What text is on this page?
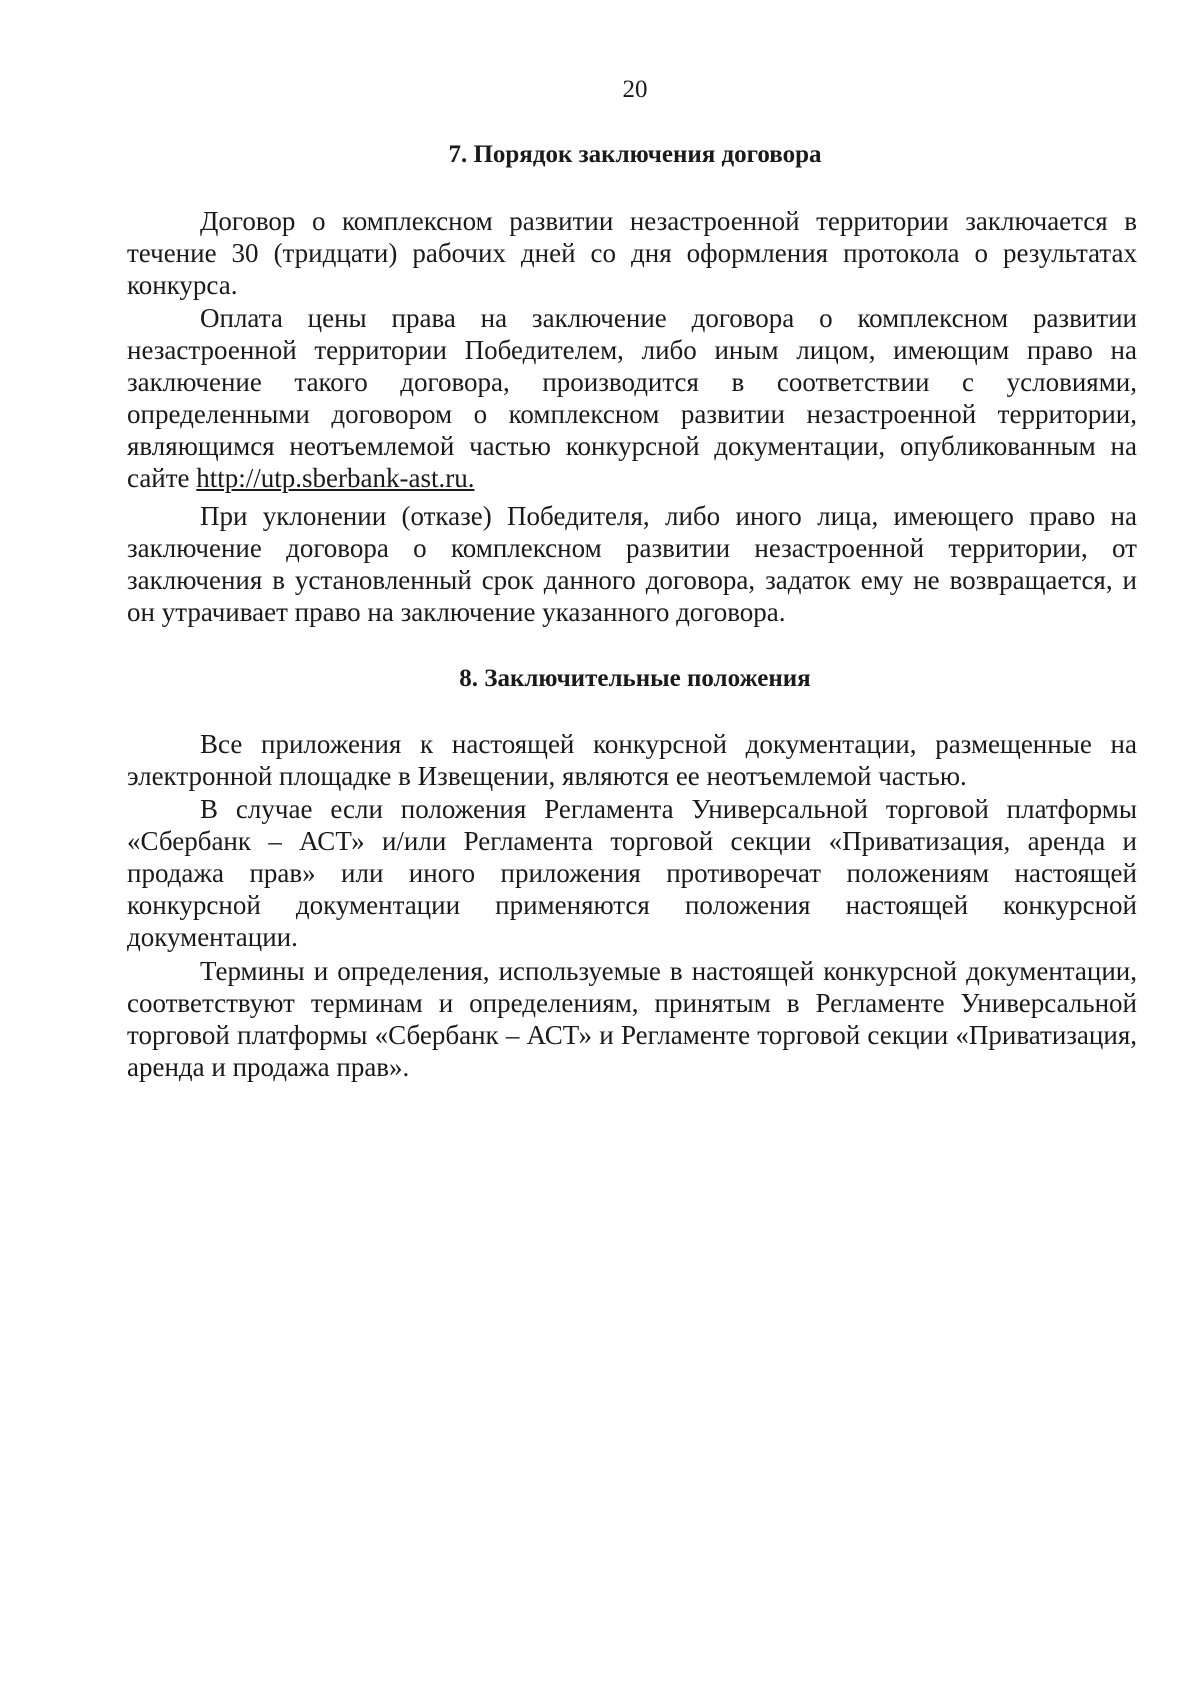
20
7. Порядок заключения договора

Договор о комплексном развитии незастроенной территории заключается в течение 30 (тридцати) рабочих дней со дня оформления протокола о результатах конкурса.

Оплата цены права на заключение договора о комплексном развитии незастроенной территории Победителем, либо иным лицом, имеющим право на заключение такого договора, производится в соответствии с условиями, определенными договором о комплексном развитии незастроенной территории, являющимся неотъемлемой частью конкурсной документации, опубликованным на сайте http://utp.sberbank-ast.ru.

При уклонении (отказе) Победителя, либо иного лица, имеющего право на заключение договора о комплексном развитии незастроенной территории, от заключения в установленный срок данного договора, задаток ему не возвращается, и он утрачивает право на заключение указанного договора.

8. Заключительные положения

Все приложения к настоящей конкурсной документации, размещенные на электронной площадке в Извещении, являются ее неотъемлемой частью.

В случае если положения Регламента Универсальной торговой платформы «Сбербанк – АСТ» и/или Регламента торговой секции «Приватизация, аренда и продажа прав» или иного приложения противоречат положениям настоящей конкурсной документации применяются положения настоящей конкурсной документации.

Термины и определения, используемые в настоящей конкурсной документации, соответствуют терминам и определениям, принятым в Регламенте Универсальной торговой платформы «Сбербанк – АСТ» и Регламенте торговой секции «Приватизация, аренда и продажа прав».
